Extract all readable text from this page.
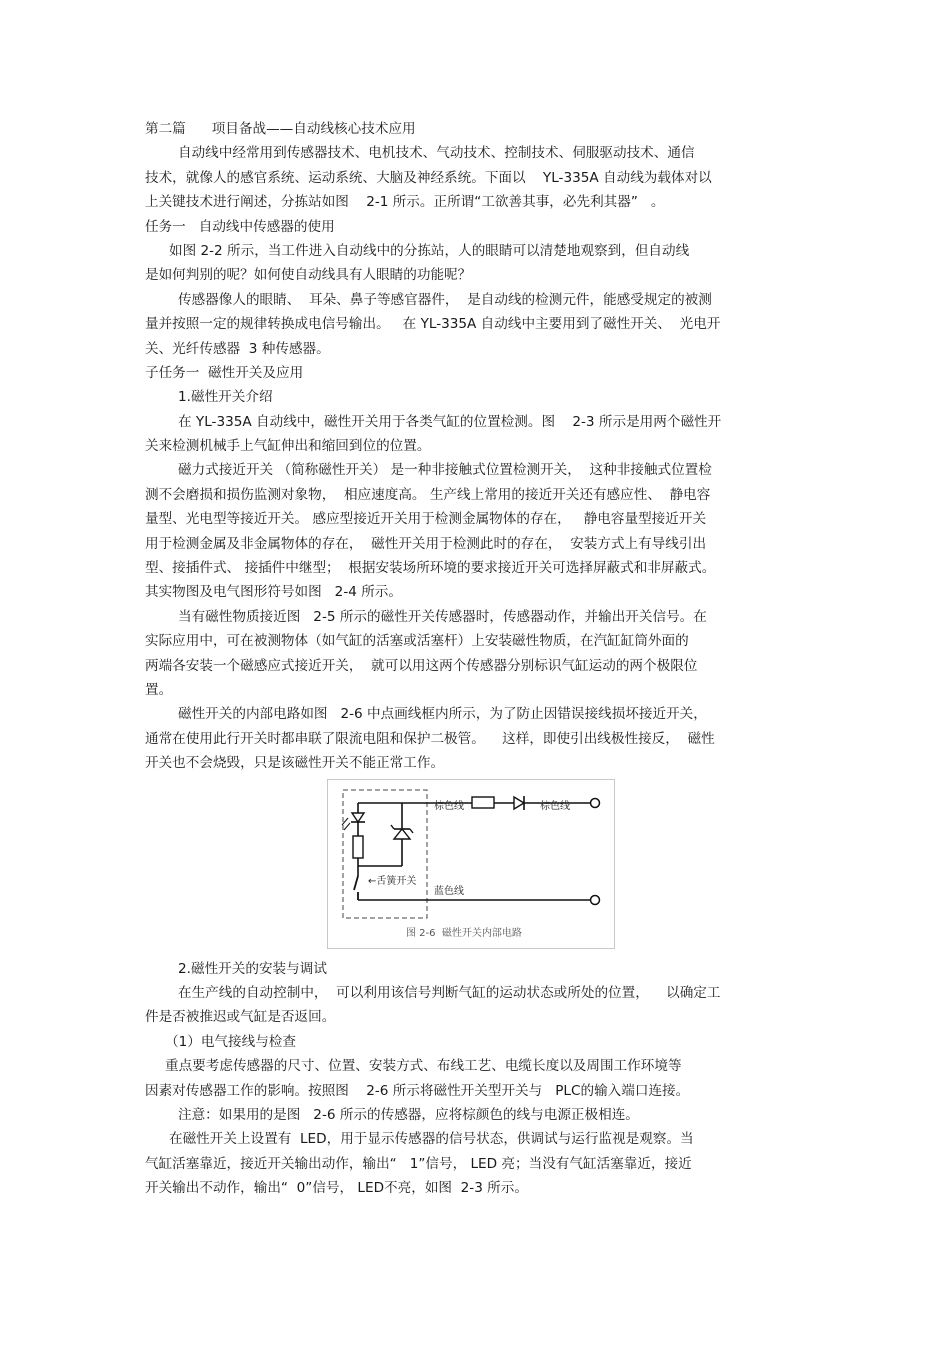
第二篇      项目备战——自动线核心技术应用
自动线中经常用到传感器技术、电机技术、气动技术、控制技术、伺服驱动技术、通信
技术，就像人的感官系统、运动系统、大脑及神经系统。下面以    YL-335A 自动线为载体对以
上关键技术进行阐述，分拣站如图    2-1 所示。正所谓“工欲善其事，必先利其器”   。
任务一   自动线中传感器的使用
如图 2-2 所示，当工件进入自动线中的分拣站，人的眼睛可以清楚地观察到，但自动线
是如何判别的呢？如何使自动线具有人眼睛的功能呢？
传感器像人的眼睛、  耳朵、鼻子等感官器件，  是自动线的检测元件，能感受规定的被测
量并按照一定的规律转换成电信号输出。   在 YL-335A 自动线中主要用到了磁性开关、  光电开
关、光纤传感器  3 种传感器。
子任务一  磁性开关及应用
1.磁性开关介绍
在 YL-335A 自动线中，磁性开关用于各类气缸的位置检测。图    2-3 所示是用两个磁性开
关来检测机械手上气缸伸出和缩回到位的位置。
磁力式接近开关 （简称磁性开关） 是一种非接触式位置检测开关，  这种非接触式位置检
测不会磨损和损伤监测对象物，  相应速度高。 生产线上常用的接近开关还有感应性、  静电容
量型、光电型等接近开关。 感应型接近开关用于检测金属物体的存在，   静电容量型接近开关
用于检测金属及非金属物体的存在，  磁性开关用于检测此时的存在，  安装方式上有导线引出
型、接插件式、 接插件中继型；  根据安装场所环境的要求接近开关可选择屏蔽式和非屏蔽式。
其实物图及电气图形符号如图   2-4 所示。
当有磁性物质接近图   2-5 所示的磁性开关传感器时，传感器动作，并输出开关信号。在
实际应用中，可在被测物体（如气缸的活塞或活塞杆）上安装磁性物质，在汽缸缸筒外面的
两端各安装一个磁感应式接近开关，  就可以用这两个传感器分别标识气缸运动的两个极限位
置。
磁性开关的内部电路如图   2-6 中点画线框内所示，为了防止因错误接线损坏接近开关，
通常在使用此行开关时都串联了限流电阻和保护二极管。    这样，即使引出线极性接反，  磁性
开关也不会烧毁，只是该磁性开关不能正常工作。
棕色线	棕色线
←舌簧开关
蓝色线
图 2-6  磁性开关内部电路
2.磁性开关的安装与调试
在生产线的自动控制中，  可以利用该信号判断气缸的运动状态或所处的位置，    以确定工
件是否被推迟或气缸是否返回。
（1）电气接线与检查
重点要考虑传感器的尺寸、位置、安装方式、布线工艺、电缆长度以及周围工作环境等
因素对传感器工作的影响。按照图    2-6 所示将磁性开关型开关与   PLC的输入端口连接。
注意：如果用的是图   2-6 所示的传感器，应将棕颜色的线与电源正极相连。
在磁性开关上设置有  LED，用于显示传感器的信号状态，供调试与运行监视是观察。当
气缸活塞靠近，接近开关输出动作，输出“   1”信号， LED 亮；当没有气缸活塞靠近，接近
开关输出不动作，输出“  0”信号， LED不亮，如图  2-3 所示。
